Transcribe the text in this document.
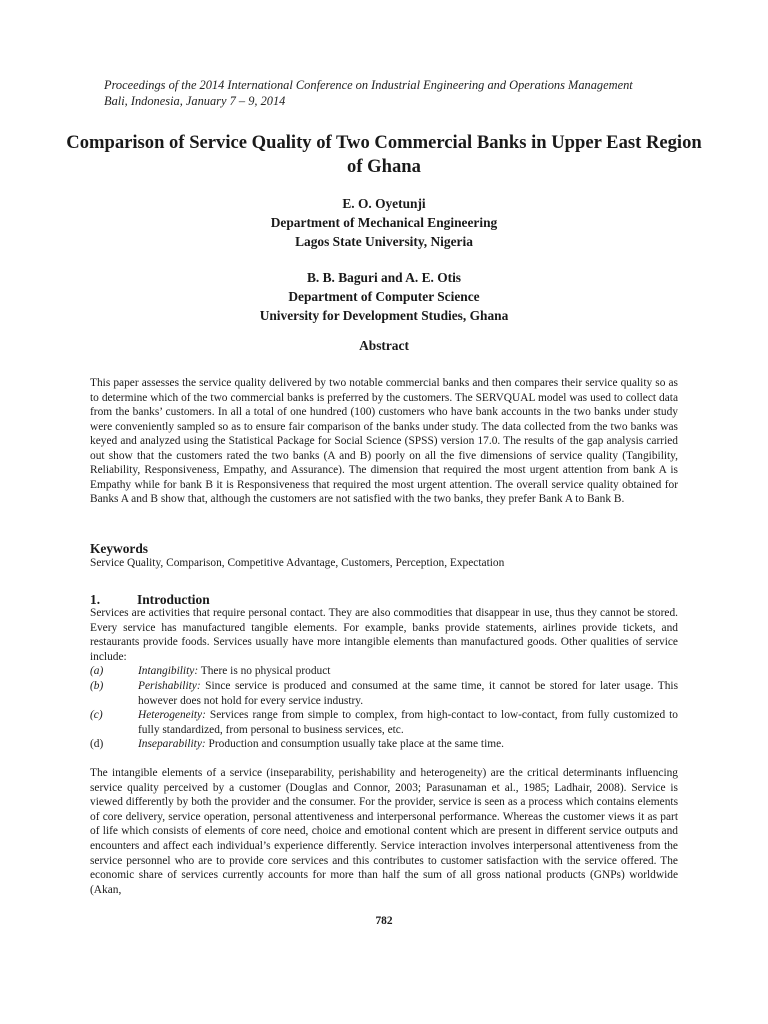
Proceedings of the 2014 International Conference on Industrial Engineering and Operations Management
Bali, Indonesia, January 7 – 9, 2014
Comparison of Service Quality of Two Commercial Banks in Upper East Region of Ghana
E. O. Oyetunji
Department of Mechanical Engineering
Lagos State University, Nigeria
B. B. Baguri and A. E. Otis
Department of Computer Science
University for Development Studies, Ghana
Abstract
This paper assesses the service quality delivered by two notable commercial banks and then compares their service quality so as to determine which of the two commercial banks is preferred by the customers. The SERVQUAL model was used to collect data from the banks’ customers. In all a total of one hundred (100) customers who have bank accounts in the two banks under study were conveniently sampled so as to ensure fair comparison of the banks under study. The data collected from the two banks was keyed and analyzed using the Statistical Package for Social Science (SPSS) version 17.0. The results of the gap analysis carried out show that the customers rated the two banks (A and B) poorly on all the five dimensions of service quality (Tangibility, Reliability, Responsiveness, Empathy, and Assurance). The dimension that required the most urgent attention from bank A is Empathy while for bank B it is Responsiveness that required the most urgent attention. The overall service quality obtained for Banks A and B show that, although the customers are not satisfied with the two banks, they prefer Bank A to Bank B.
Keywords
Service Quality, Comparison, Competitive Advantage, Customers, Perception, Expectation
1.	Introduction
Services are activities that require personal contact. They are also commodities that disappear in use, thus they cannot be stored. Every service has manufactured tangible elements. For example, banks provide statements, airlines provide tickets, and restaurants provide foods. Services usually have more intangible elements than manufactured goods. Other qualities of service include:
(a)	Intangibility: There is no physical product
(b)	Perishability: Since service is produced and consumed at the same time, it cannot be stored for later usage. This however does not hold for every service industry.
(c)	Heterogeneity: Services range from simple to complex, from high-contact to low-contact, from fully customized to fully standardized, from personal to business services, etc.
(d)	Inseparability: Production and consumption usually take place at the same time.
The intangible elements of a service (inseparability, perishability and heterogeneity) are the critical determinants influencing service quality perceived by a customer (Douglas and Connor, 2003; Parasunaman et al., 1985; Ladhair, 2008). Service is viewed differently by both the provider and the consumer. For the provider, service is seen as a process which contains elements of core delivery, service operation, personal attentiveness and interpersonal performance. Whereas the customer views it as part of life which consists of elements of core need, choice and emotional content which are present in different service outputs and encounters and affect each individual’s experience differently. Service interaction involves interpersonal attentiveness from the service personnel who are to provide core services and this contributes to customer satisfaction with the service offered. The economic share of services currently accounts for more than half the sum of all gross national products (GNPs) worldwide (Akan,
782
